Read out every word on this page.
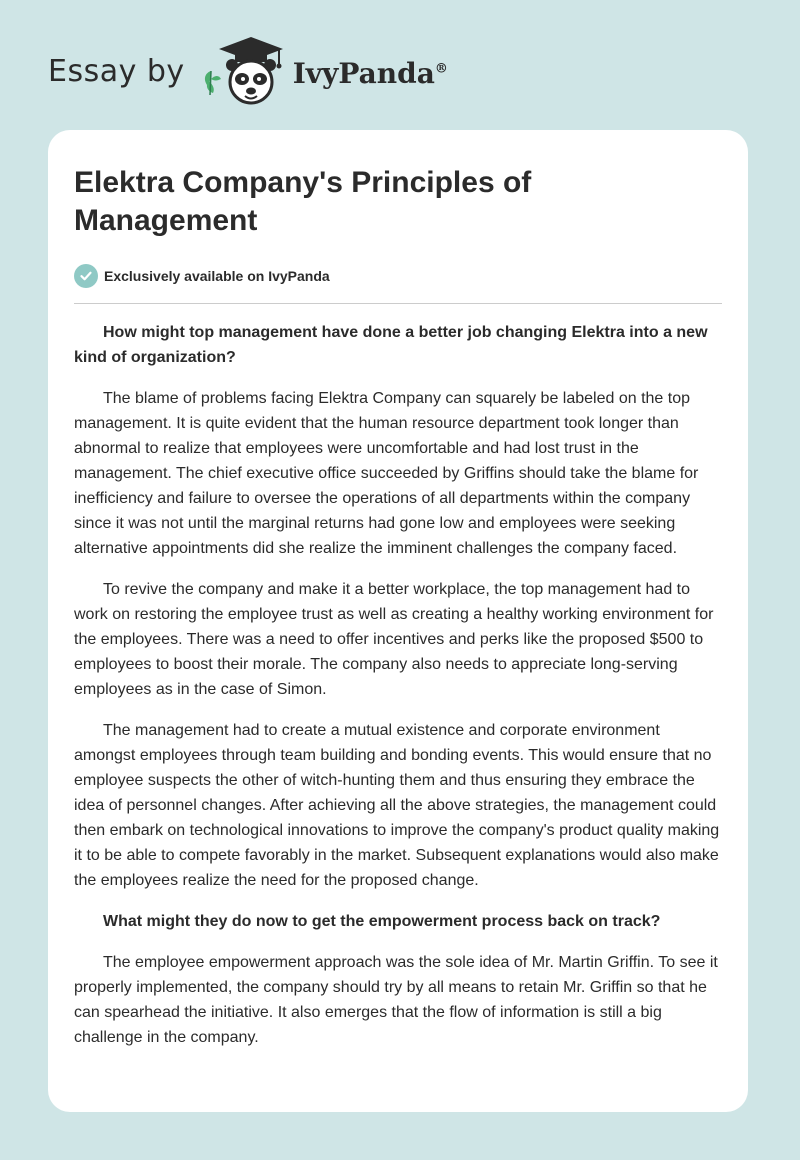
Essay by	IvyPanda®
Elektra Company's Principles of Management
Exclusively available on IvyPanda

How might top management have done a better job changing Elektra into a new kind of organization?

The blame of problems facing Elektra Company can squarely be labeled on the top management. It is quite evident that the human resource department took longer than abnormal to realize that employees were uncomfortable and had lost trust in the management. The chief executive office succeeded by Griffins should take the blame for inefficiency and failure to oversee the operations of all departments within the company since it was not until the marginal returns had gone low and employees were seeking alternative appointments did she realize the imminent challenges the company faced.

To revive the company and make it a better workplace, the top management had to work on restoring the employee trust as well as creating a healthy working environment for the employees. There was a need to offer incentives and perks like the proposed $500 to employees to boost their morale. The company also needs to appreciate long-serving employees as in the case of Simon.

The management had to create a mutual existence and corporate environment amongst employees through team building and bonding events. This would ensure that no employee suspects the other of witch-hunting them and thus ensuring they embrace the idea of personnel changes. After achieving all the above strategies, the management could then embark on technological innovations to improve the company's product quality making it to be able to compete favorably in the market. Subsequent explanations would also make the employees realize the need for the proposed change.

What might they do now to get the empowerment process back on track?

The employee empowerment approach was the sole idea of Mr. Martin Griffin. To see it properly implemented, the company should try by all means to retain Mr. Griffin so that he can spearhead the initiative. It also emerges that the flow of information is still a big challenge in the company.
